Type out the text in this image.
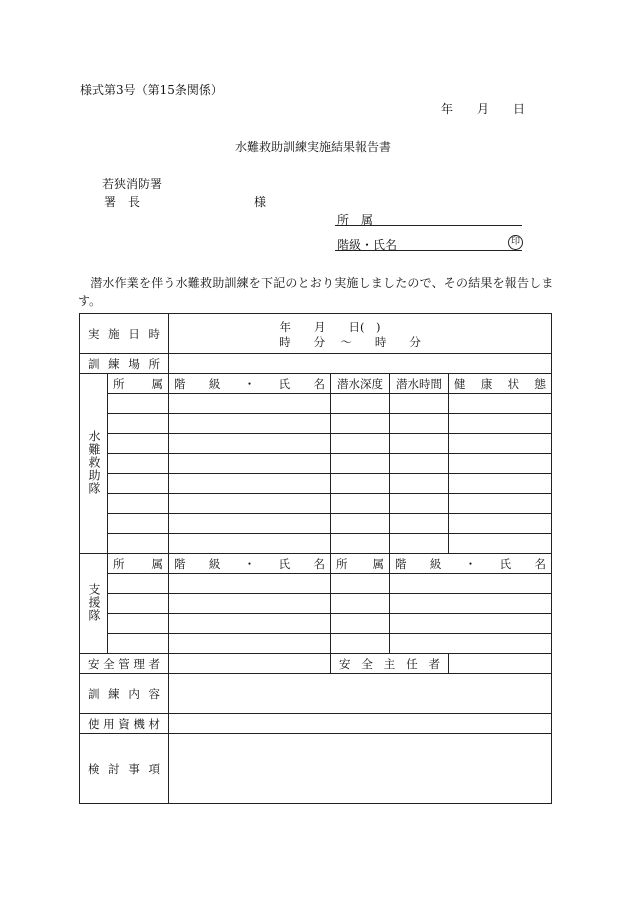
様式第3号（第15条関係）
年　　月　　日
水難救助訓練実施結果報告書
若狭消防署
署　長	様
所　属
階級・氏名	印
　潜水作業を伴う水難救助訓練を下記のとおり実施しましたので、その結果を報告しま
す。
実施日時		年　　月　　日(　)
時　　分　 ～　　時　　分			

訓練場所					
水難救助隊	所属	階級・氏名	潜水深度	潜水時間	健康状態

支援隊	所属	階級・氏名	所属	階級・氏名	

安全管理者			安全主任者		
訓練内容					
使用資機材					
検討事項					
